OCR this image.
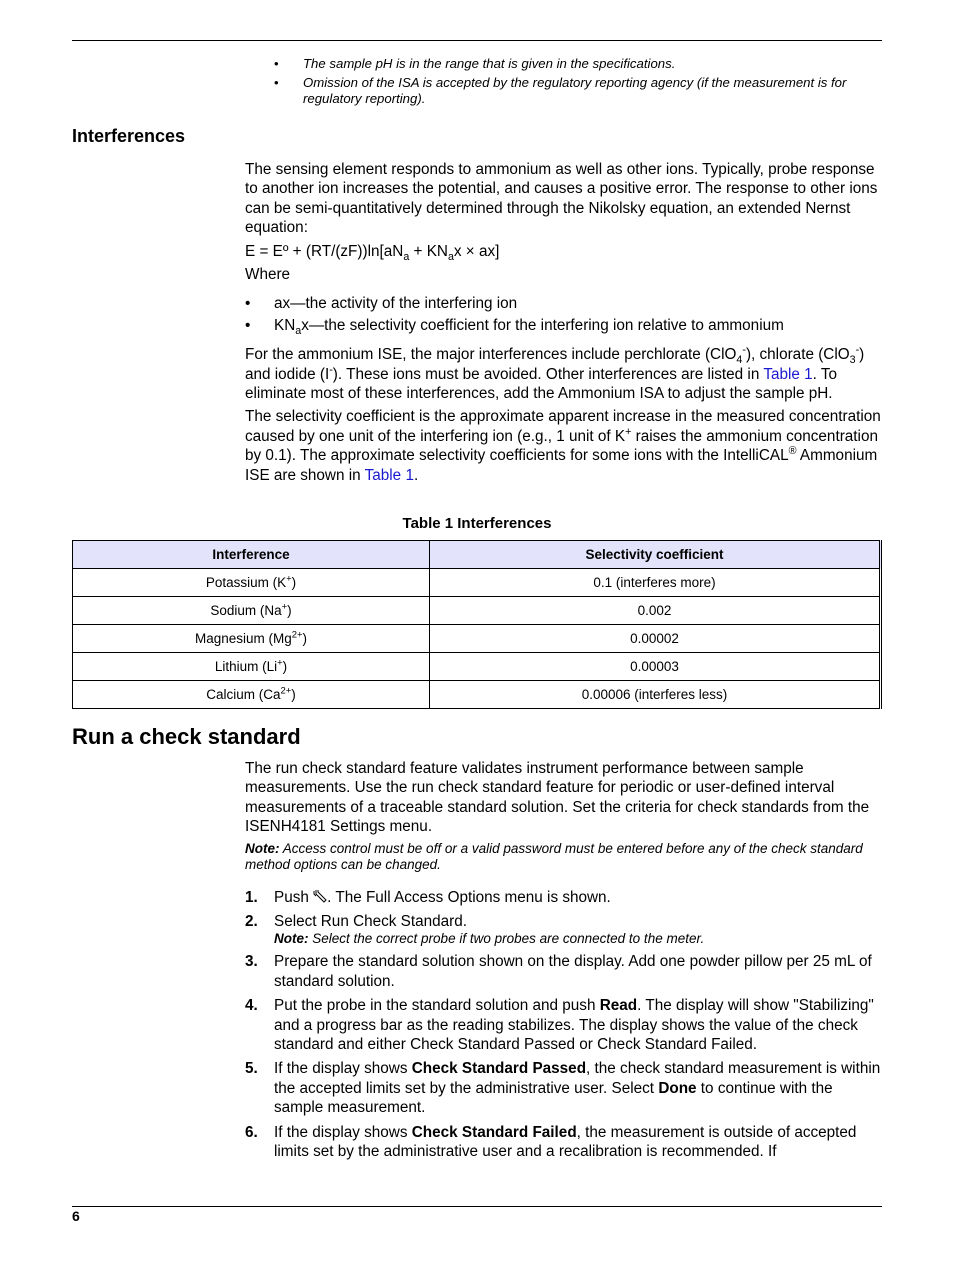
• The sample pH is in the range that is given in the specifications.
• Omission of the ISA is accepted by the regulatory reporting agency (if the measurement is for regulatory reporting).
Interferences

The sensing element responds to ammonium as well as other ions. Typically, probe response to another ion increases the potential, and causes a positive error. The response to other ions can be semi-quantitatively determined through the Nikolsky equation, an extended Nernst equation:

E = Eº + $(RT/(zF))\ln[aN_a + KN_ax \times ax]$

Where

• ax—the activity of the interfering ion
• $KN_ax—the$ selectivity coefficient for the interfering ion relative to ammonium

For the ammonium ISE, the major interferences include perchlorate (ClO$_4$-), chlorate (ClO$_3$-) and iodide (I-). These ions must be avoided. Other interferences are listed in Table 1. To eliminate most of these interferences, add the Ammonium ISA to adjust the sample pH.

The selectivity coefficient is the approximate apparent increase in the measured concentration caused by one unit of the interfering ion (e.g., 1 unit of K+ raises the ammonium concentration by 0.1). The approximate selectivity coefficients for some ions with the IntelliCAL® Ammonium ISE are shown in Table 1.

Table 1 Interferences
Interference	Selectivity coefficient
Potassium (K+)	0.1 (interferes more)
Sodium (Na+)	0.002
Magnesium $(Mg^{2+})$	0.00002
Lithium (Li+)	0.00003
Calcium $(Ca^{2+})$	0.00006 (interferes less)
Run a check standard

The run check standard feature validates instrument performance between sample measurements. Use the run check standard feature for periodic or user-defined interval measurements of a traceable standard solution. Set the criteria for check standards from the ISENH4181 Settings menu.

Note: Access control must be off or a valid password must be entered before any of the check standard method options can be changed.

1. Push . The Full Access Options menu is shown.
2. Select Run Check Standard.
Note: Select the correct probe if two probes are connected to the meter.
3. Prepare the standard solution shown on the display. Add one powder pillow per 25 mL of standard solution.
4. Put the probe in the standard solution and push Read. The display will show "Stabilizing" and a progress bar as the reading stabilizes. The display shows the value of the check standard and either Check Standard Passed or Check Standard Failed.
5. If the display shows Check Standard Passed, the check standard measurement is within the accepted limits set by the administrative user. Select Done to continue with the sample measurement.
6. If the display shows Check Standard Failed, the measurement is outside of accepted limits set by the administrative user and a recalibration is recommended. If
6
